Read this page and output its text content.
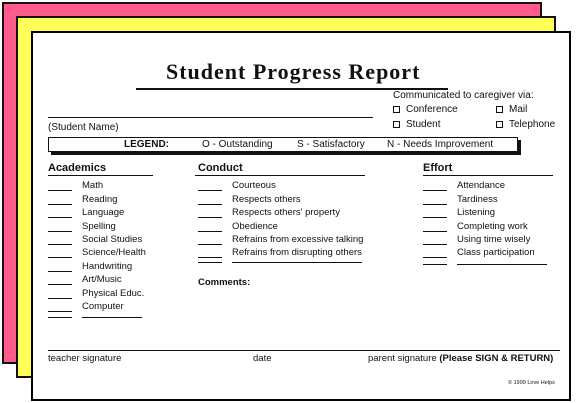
Student Progress Report
(Student Name)
Communicated to caregiver via:
Conference	Mail
Student	Telephone
LEGEND:	O - Outstanding S - Satisfactory N - Needs Improvement
Academics
Math
Reading
Language
Spelling
Social Studies
Science/Health
Handwriting
Art/Music
Physical Educ.
Computer
Conduct
Courteous
Respects others
Respects others' property
Obedience
Refrains from excessive talking
Refrains from disrupting others
Comments:
Effort
Attendance
Tardiness
Listening
Completing work
Using time wisely
Class participation
teacher signature	date	parent signature (Please SIGN & RETURN)
© 1999 Love Helps
